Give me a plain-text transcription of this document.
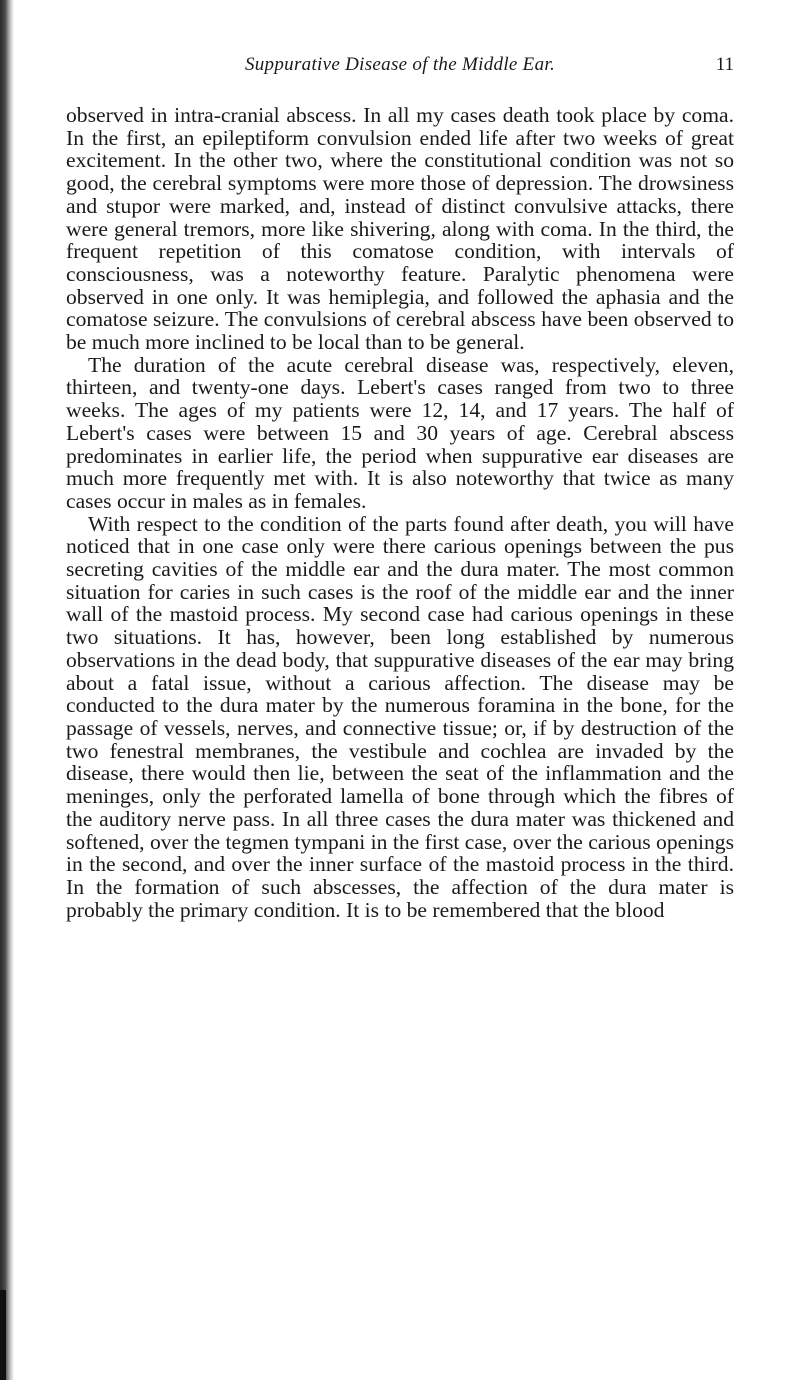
Suppurative Disease of the Middle Ear.	11

observed in intra-cranial abscess. In all my cases death took place by coma. In the first, an epileptiform convulsion ended life after two weeks of great excitement. In the other two, where the constitutional condition was not so good, the cerebral symptoms were more those of depression. The drowsiness and stupor were marked, and, instead of distinct convulsive attacks, there were general tremors, more like shivering, along with coma. In the third, the frequent repetition of this comatose condition, with intervals of consciousness, was a noteworthy feature. Paralytic phenomena were observed in one only. It was hemiplegia, and followed the aphasia and the comatose seizure. The convulsions of cerebral abscess have been observed to be much more inclined to be local than to be general.

The duration of the acute cerebral disease was, respectively, eleven, thirteen, and twenty-one days. Lebert's cases ranged from two to three weeks. The ages of my patients were 12, 14, and 17 years. The half of Lebert's cases were between 15 and 30 years of age. Cerebral abscess predominates in earlier life, the period when suppurative ear diseases are much more frequently met with. It is also noteworthy that twice as many cases occur in males as in females.

With respect to the condition of the parts found after death, you will have noticed that in one case only were there carious openings between the pus secreting cavities of the middle ear and the dura mater. The most common situation for caries in such cases is the roof of the middle ear and the inner wall of the mastoid process. My second case had carious openings in these two situations. It has, however, been long established by numerous observations in the dead body, that suppurative diseases of the ear may bring about a fatal issue, without a carious affection. The disease may be conducted to the dura mater by the numerous foramina in the bone, for the passage of vessels, nerves, and connective tissue; or, if by destruction of the two fenestral membranes, the vestibule and cochlea are invaded by the disease, there would then lie, between the seat of the inflammation and the meninges, only the perforated lamella of bone through which the fibres of the auditory nerve pass. In all three cases the dura mater was thickened and softened, over the tegmen tympani in the first case, over the carious openings in the second, and over the inner surface of the mastoid process in the third. In the formation of such abscesses, the affection of the dura mater is probably the primary condition. It is to be remembered that the blood
